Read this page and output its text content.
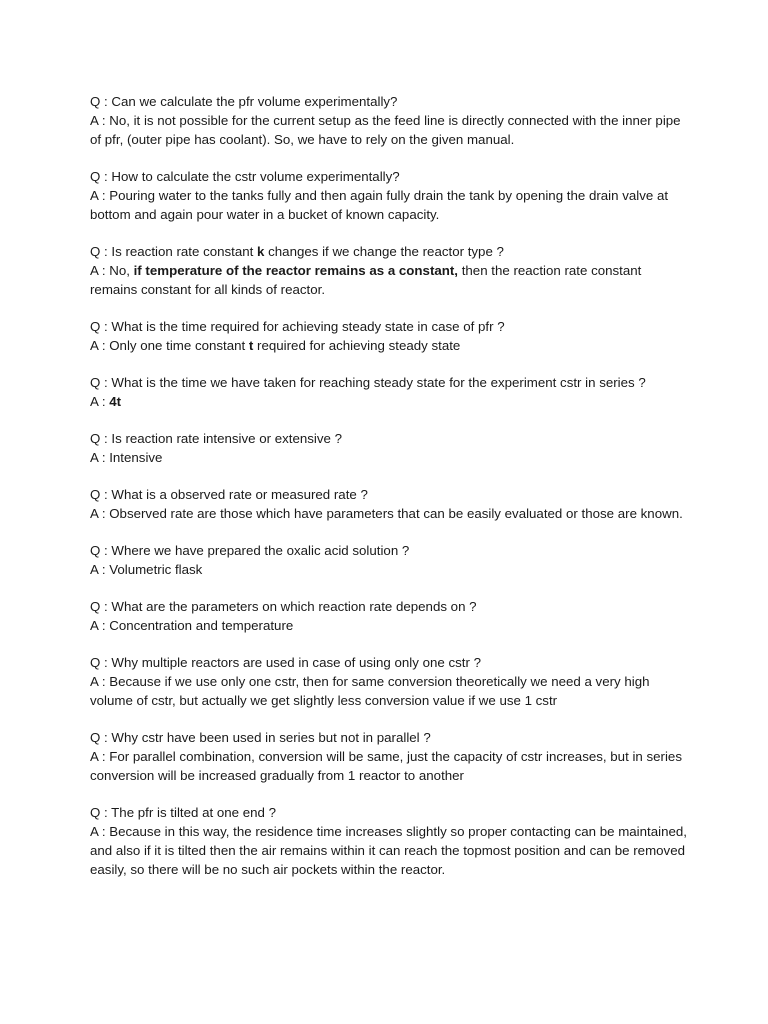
Q : Can we calculate the pfr volume experimentally?
A : No, it is not possible for the current setup as the feed line is directly connected with the inner pipe of pfr, (outer pipe has coolant). So, we have to rely on the given manual.
Q : How to calculate the cstr volume experimentally?
A : Pouring water to the tanks fully and then again fully drain the tank by opening the drain valve at bottom and again pour water in a bucket of known capacity.
Q : Is reaction rate constant k changes if we change the reactor type ?
A : No, if temperature of the reactor remains as a constant, then the reaction rate constant remains constant for all kinds of reactor.
Q : What is the time required for achieving steady state in case of pfr ?
A : Only one time constant t required for achieving steady state
Q : What is the time we have taken for reaching steady state for the experiment cstr in series ?
A : 4t
Q : Is reaction rate intensive or extensive ?
A : Intensive
Q : What is a observed rate or measured rate ?
A : Observed rate are those which have parameters that can be easily evaluated or those are known.
Q : Where we have prepared the oxalic acid solution ?
A : Volumetric flask
Q : What are the parameters on which reaction rate depends on ?
A : Concentration and temperature
Q : Why multiple reactors are used in case of using only one cstr ?
A : Because if we use only one cstr, then for same conversion theoretically we need a very high volume of cstr, but actually we get slightly less conversion value if we use 1 cstr
Q : Why cstr have been used in series but not in parallel ?
A : For parallel combination, conversion will be same, just the capacity of cstr increases, but in series conversion will be increased gradually from 1 reactor to another
Q : The pfr is tilted at one end ?
A : Because in this way, the residence time increases slightly so proper contacting can be maintained, and also if it is tilted then the air remains within it can reach the topmost position and can be removed easily, so there will be no such air pockets within the reactor.
